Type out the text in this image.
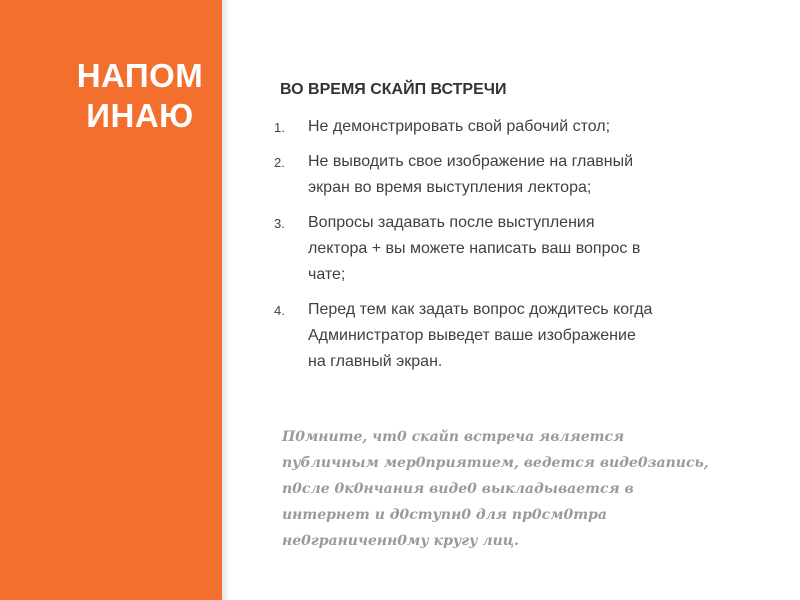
НАПОМ
ИНАЮ
ВО ВРЕМЯ СКАЙП ВСТРЕЧИ
1. Не демонстрировать свой рабочий стол;
2. Не выводить свое изображение на главный
экран во время выступления лектора;
3. Вопросы задавать после выступления
лектора + вы можете написать ваш вопрос в
чате;
4. Перед тем как задать вопрос дождитесь когда
Администратор выведет ваше изображение
на главный экран.

П0мните, чт0 скайп встреча является
публичным мер0приятием, ведется виде0запись,
п0сле 0к0нчания виде0 выкладывается в
интернет и д0ступн0 для пр0см0тра
не0граниченн0му кругу лиц.
